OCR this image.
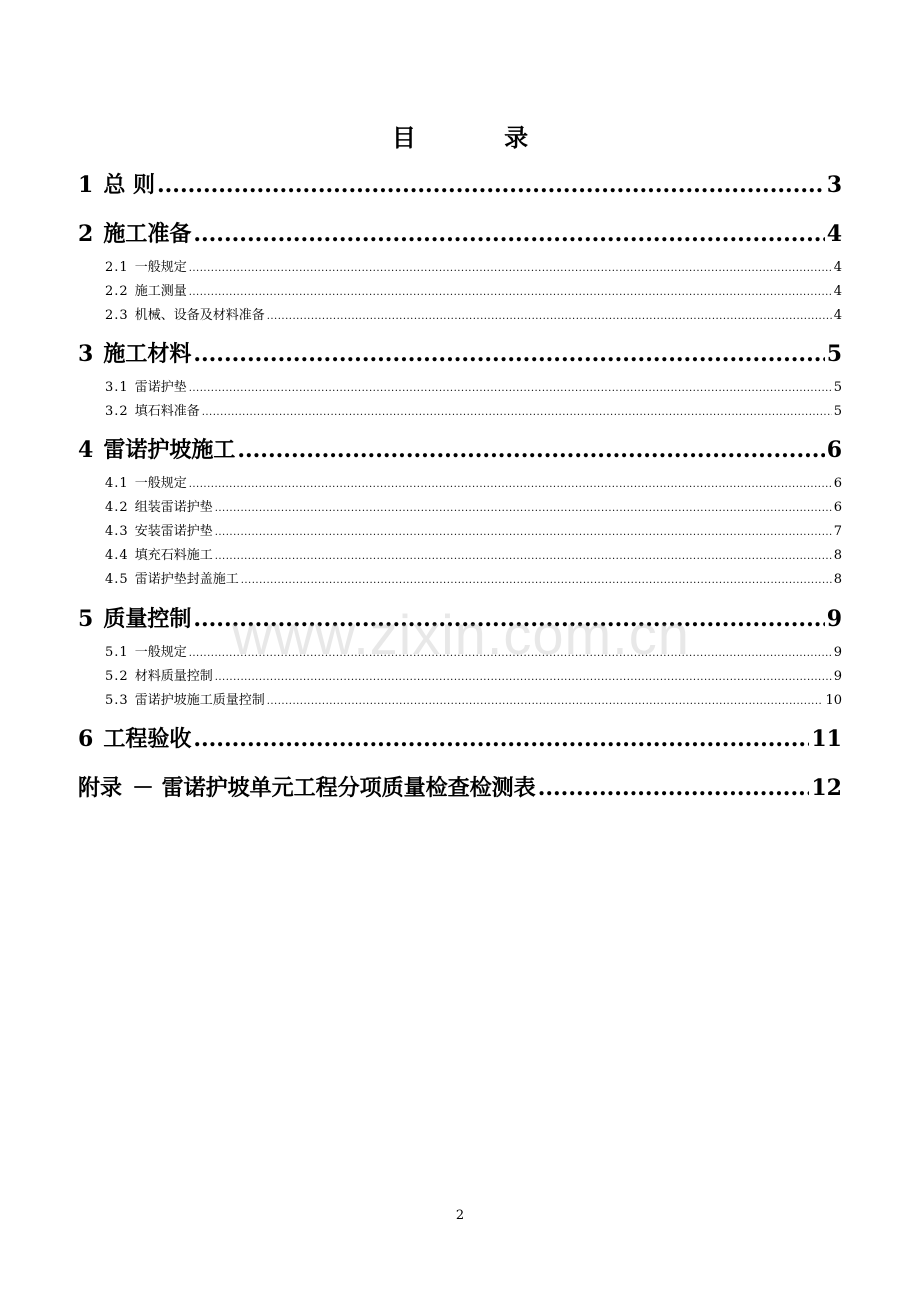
目 录
1 总 则 .....	3
2 施工准备 .....	4
2.1 一般规定 .....	4
2.2 施工测量 .....	4
2.3 机械、设备及材料准备 .....	4
3 施工材料 .....	5
3.1 雷诺护垫 .....	5
3.2 填石料准备 .....	5
4 雷诺护坡施工 .....	6
4.1 一般规定 .....	6
4.2 组装雷诺护垫 .....	6
4.3 安装雷诺护垫 .....	7
4.4 填充石料施工 .....	8
4.5 雷诺护垫封盖施工 .....	8
5 质量控制 .....	9
5.1 一般规定 .....	9
5.2 材料质量控制 .....	9
5.3 雷诺护坡施工质量控制 .....	10
6 工程验收 .....	11
附录 － 雷诺护坡单元工程分项质量检查检测表 .....	12
www.zixin.com.cn
2
